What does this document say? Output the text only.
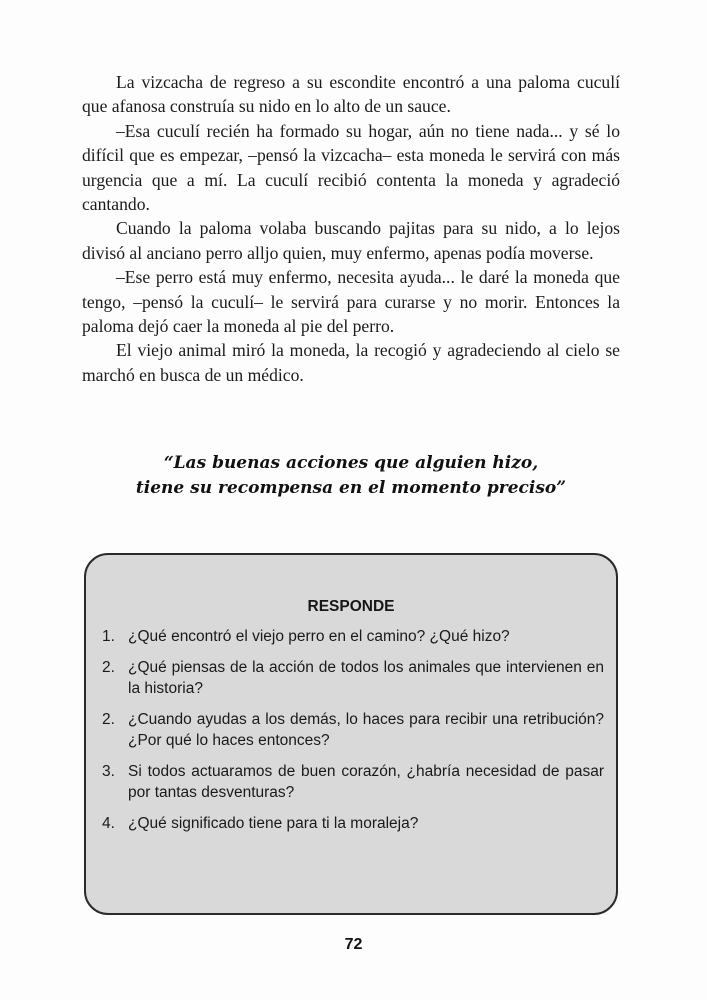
La vizcacha de regreso a su escondite encontró a una paloma cuculí que afanosa construía su nido en lo alto de un sauce.

–Esa cuculí recién ha formado su hogar, aún no tiene nada... y sé lo difícil que es empezar, –pensó la vizcacha– esta moneda le servirá con más urgencia que a mí. La cuculí recibió contenta la moneda y agradeció cantando.

Cuando la paloma volaba buscando pajitas para su nido, a lo lejos divisó al anciano perro alljo quien, muy enfermo, apenas podía moverse.

–Ese perro está muy enfermo, necesita ayuda... le daré la moneda que tengo, –pensó la cuculí– le servirá para curarse y no morir. Entonces la paloma dejó caer la moneda al pie del perro.

El viejo animal miró la moneda, la recogió y agradeciendo al cielo se marchó en busca de un médico.

“Las buenas acciones que alguien hizo,
tiene su recompensa en el momento preciso”
RESPONDE
1. ¿Qué encontró el viejo perro en el camino? ¿Qué hizo?
2. ¿Qué piensas de la acción de todos los animales que intervienen en la historia?
2. ¿Cuando ayudas a los demás, lo haces para recibir una retribución? ¿Por qué lo haces entonces?
3. Si todos actuaramos de buen corazón, ¿habría necesidad de pasar por tantas desventuras?
4. ¿Qué significado tiene para ti la moraleja?
72
